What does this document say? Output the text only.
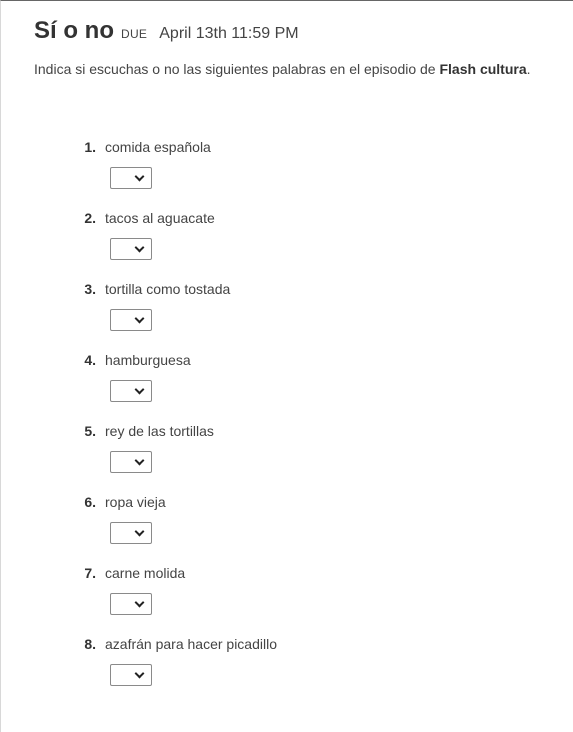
Sí o no DUE April 13th 11:59 PM
Indica si escuchas o no las siguientes palabras en el episodio de Flash cultura.
1. comida española
2. tacos al aguacate
3. tortilla como tostada
4. hamburguesa
5. rey de las tortillas
6. ropa vieja
7. carne molida
8. azafrán para hacer picadillo
